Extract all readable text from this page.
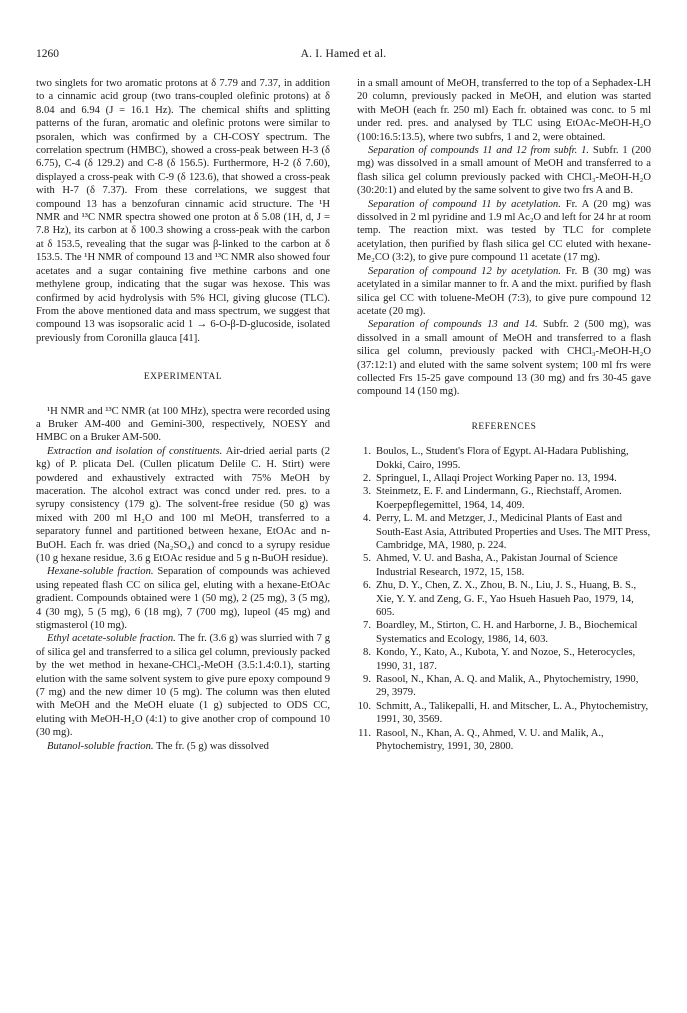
1260	A. I. Hamed et al.

two singlets for two aromatic protons at δ 7.79 and 7.37, in addition to a cinnamic acid group (two trans-coupled olefinic protons) at δ 8.04 and 6.94 (J = 16.1 Hz). The chemical shifts and splitting patterns of the furan, aromatic and olefinic protons were similar to psoralen, which was confirmed by a CH-COSY spectrum. The correlation spectrum (HMBC), showed a cross-peak between H-3 (δ 6.75), C-4 (δ 129.2) and C-8 (δ 156.5). Furthermore, H-2 (δ 7.60), displayed a cross-peak with C-9 (δ 123.6), that showed a cross-peak with H-7 (δ 7.37). From these correlations, we suggest that compound 13 has a benzofuran cinnamic acid structure. The ¹H NMR and ¹³C NMR spectra showed one proton at δ 5.08 (1H, d, J = 7.8 Hz), its carbon at δ 100.3 showing a cross-peak with the carbon at δ 153.5, revealing that the sugar was β-linked to the carbon at δ 153.5. The ¹H NMR of compound 13 and ¹³C NMR also showed four acetates and a sugar containing five methine carbons and one methylene group, indicating that the sugar was hexose. This was confirmed by acid hydrolysis with 5% HCl, giving glucose (TLC). From the above mentioned data and mass spectrum, we suggest that compound 13 was isopsoralic acid 1 → 6-O-β-D-glucoside, isolated previously from Coronilla glauca [41].

EXPERIMENTAL

¹H NMR and ¹³C NMR (at 100 MHz), spectra were recorded using a Bruker AM-400 and Gemini-300, respectively, NOESY and HMBC on a Bruker AM-500.

Extraction and isolation of constituents. Air-dried aerial parts (2 kg) of P. plicata Del. (Cullen plicatum Delile C. H. Stirt) were powdered and exhaustively extracted with 75% MeOH by maceration. The alcohol extract was concd under red. pres. to a syrupy consistency (179 g). The solvent-free residue (50 g) was mixed with 200 ml H₂O and 100 ml MeOH, transferred to a separatory funnel and partitioned between hexane, EtOAc and n-BuOH. Each fr. was dried (Na₂SO₄) and concd to a syrupy residue (10 g hexane residue, 3.6 g EtOAc residue and 5 g n-BuOH residue).

Hexane-soluble fraction. Separation of compounds was achieved using repeated flash CC on silica gel, eluting with a hexane-EtOAc gradient. Compounds obtained were 1 (50 mg), 2 (25 mg), 3 (5 mg), 4 (30 mg), 5 (5 mg), 6 (18 mg), 7 (700 mg), lupeol (45 mg) and stigmasterol (10 mg).

Ethyl acetate-soluble fraction. The fr. (3.6 g) was slurried with 7 g of silica gel and transferred to a silica gel column, previously packed by the wet method in hexane-CHCl₃-MeOH (3.5:1.4:0.1), starting elution with the same solvent system to give pure epoxy compound 9 (7 mg) and the new dimer 10 (5 mg). The column was then eluted with MeOH and the MeOH eluate (1 g) subjected to ODS CC, eluting with MeOH-H₂O (4:1) to give another crop of compound 10 (30 mg).

Butanol-soluble fraction. The fr. (5 g) was dissolved

in a small amount of MeOH, transferred to the top of a Sephadex-LH 20 column, previously packed in MeOH, and elution was started with MeOH (each fr. 250 ml) Each fr. obtained was conc. to 5 ml under red. pres. and analysed by TLC using EtOAc-MeOH-H₂O (100:16.5:13.5), where two subfrs, 1 and 2, were obtained.

Separation of compounds 11 and 12 from subfr. 1. Subfr. 1 (200 mg) was dissolved in a small amount of MeOH and transferred to a flash silica gel column previously packed with CHCl₃-MeOH-H₂O (30:20:1) and eluted by the same solvent to give two frs A and B.

Separation of compound 11 by acetylation. Fr. A (20 mg) was dissolved in 2 ml pyridine and 1.9 ml Ac₂O and left for 24 hr at room temp. The reaction mixt. was tested by TLC for complete acetylation, then purified by flash silica gel CC eluted with hexane-Me₂CO (3:2), to give pure compound 11 acetate (17 mg).

Separation of compound 12 by acetylation. Fr. B (30 mg) was acetylated in a similar manner to fr. A and the mixt. purified by flash silica gel CC with toluene-MeOH (7:3), to give pure compound 12 acetate (20 mg).

Separation of compounds 13 and 14. Subfr. 2 (500 mg), was dissolved in a small amount of MeOH and transferred to a flash silica gel column, previously packed with CHCl₃-MeOH-H₂O (37:12:1) and eluted with the same solvent system; 100 ml frs were collected Frs 15-25 gave compound 13 (30 mg) and frs 30-45 gave compound 14 (150 mg).

REFERENCES
1. Boulos, L., Student's Flora of Egypt. Al-Hadara Publishing, Dokki, Cairo, 1995.
2. Springuel, I., Allaqi Project Working Paper no. 13, 1994.
3. Steinmetz, E. F. and Lindermann, G., Riechstaff, Aromen. Koerpepflegemittel, 1964, 14, 409.
4. Perry, L. M. and Metzger, J., Medicinal Plants of East and South-East Asia, Attributed Properties and Uses. The MIT Press, Cambridge, MA, 1980, p. 224.
5. Ahmed, V. U. and Basha, A., Pakistan Journal of Science Industrial Research, 1972, 15, 158.
6. Zhu, D. Y., Chen, Z. X., Zhou, B. N., Liu, J. S., Huang, B. S., Xie, Y. Y. and Zeng, G. F., Yao Hsueh Hasueh Pao, 1979, 14, 605.
7. Boardley, M., Stirton, C. H. and Harborne, J. B., Biochemical Systematics and Ecology, 1986, 14, 603.
8. Kondo, Y., Kato, A., Kubota, Y. and Nozoe, S., Heterocycles, 1990, 31, 187.
9. Rasool, N., Khan, A. Q. and Malik, A., Phytochemistry, 1990, 29, 3979.
10. Schmitt, A., Talikepalli, H. and Mitscher, L. A., Phytochemistry, 1991, 30, 3569.
11. Rasool, N., Khan, A. Q., Ahmed, V. U. and Malik, A., Phytochemistry, 1991, 30, 2800.
